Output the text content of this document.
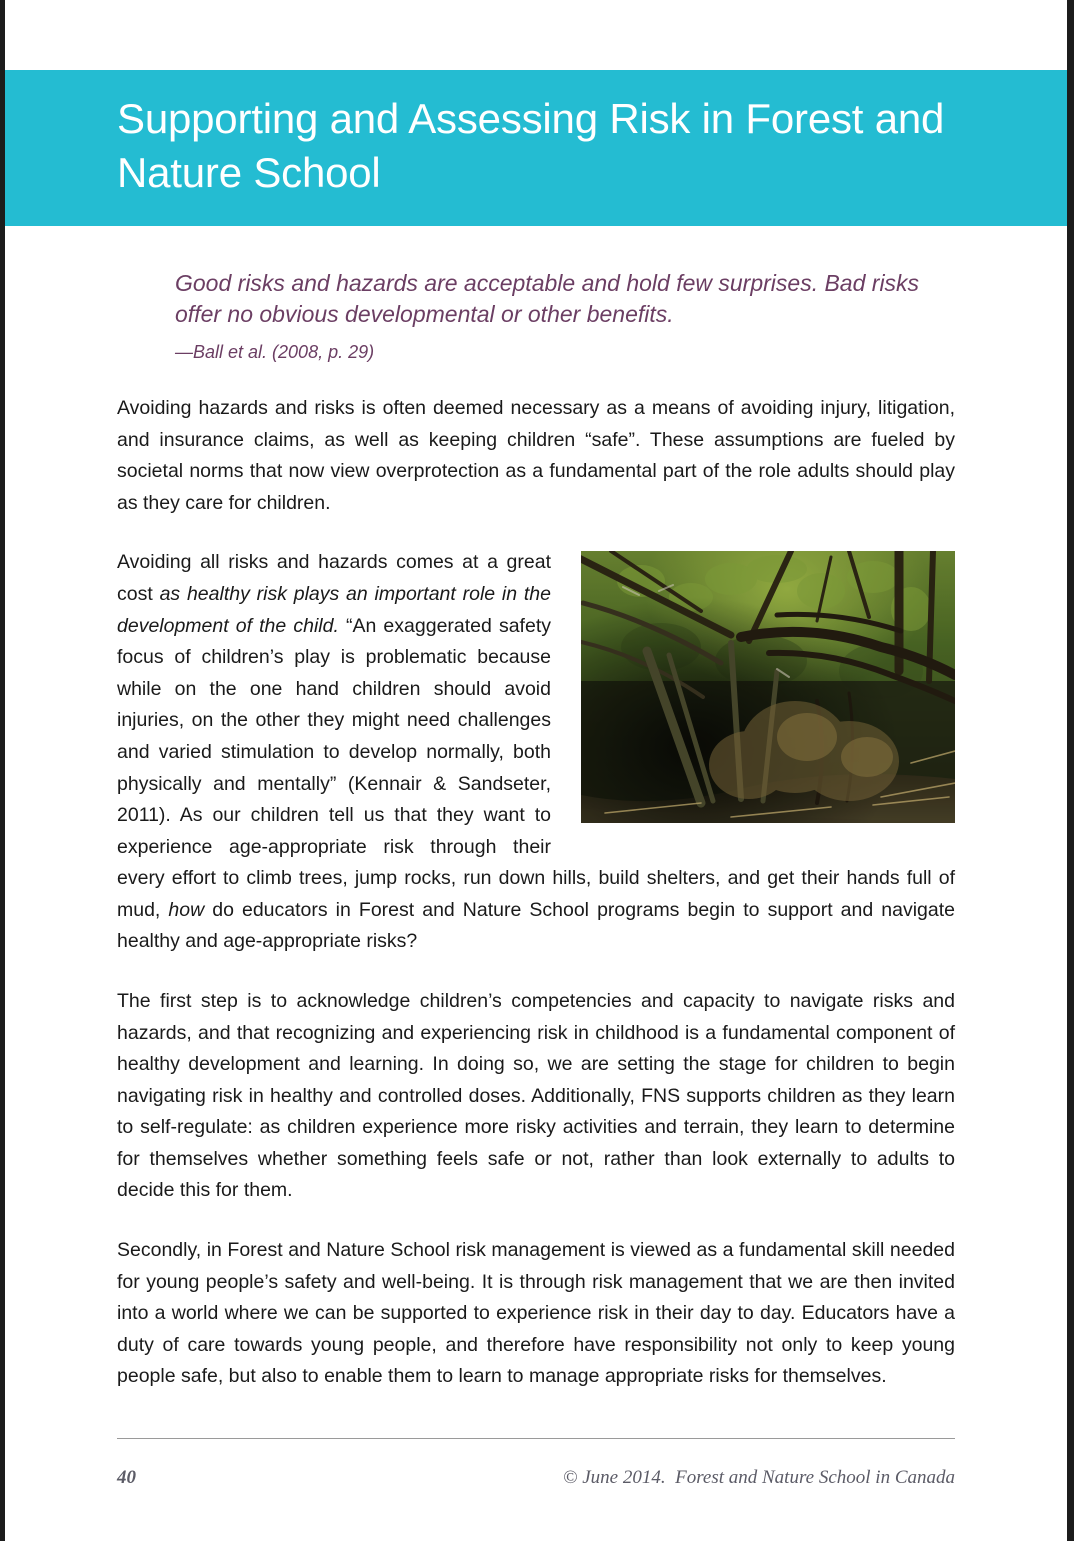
Supporting and Assessing Risk in Forest and Nature School

Good risks and hazards are acceptable and hold few surprises. Bad risks offer no obvious developmental or other benefits.

—Ball et al. (2008, p. 29)

Avoiding hazards and risks is often deemed necessary as a means of avoiding injury, litigation, and insurance claims, as well as keeping children “safe”. These assumptions are fueled by societal norms that now view overprotection as a fundamental part of the role adults should play as they care for children.

Avoiding all risks and hazards comes at a great cost as healthy risk plays an important role in the development of the child. “An exaggerated safety focus of children’s play is problematic because while on the one hand children should avoid injuries, on the other they might need challenges and varied stimulation to develop normally, both physically and mentally” (Kennair & Sandseter, 2011). As our children tell us that they want to experience age-appropriate risk through their every effort to climb trees, jump rocks, run down hills, build shelters, and get their hands full of mud, how do educators in Forest and Nature School programs begin to support and navigate healthy and age-appropriate risks?

The first step is to acknowledge children’s competencies and capacity to navigate risks and hazards, and that recognizing and experiencing risk in childhood is a fundamental component of healthy development and learning. In doing so, we are setting the stage for children to begin navigating risk in healthy and controlled doses. Additionally, FNS supports children as they learn to self-regulate: as children experience more risky activities and terrain, they learn to determine for themselves whether something feels safe or not, rather than look externally to adults to decide this for them.

Secondly, in Forest and Nature School risk management is viewed as a fundamental skill needed for young people’s safety and well-being. It is through risk management that we are then invited into a world where we can be supported to experience risk in their day to day. Educators have a duty of care towards young people, and therefore have responsibility not only to keep young people safe, but also to enable them to learn to manage appropriate risks for themselves.

40	© June 2014.  Forest and Nature School in Canada
